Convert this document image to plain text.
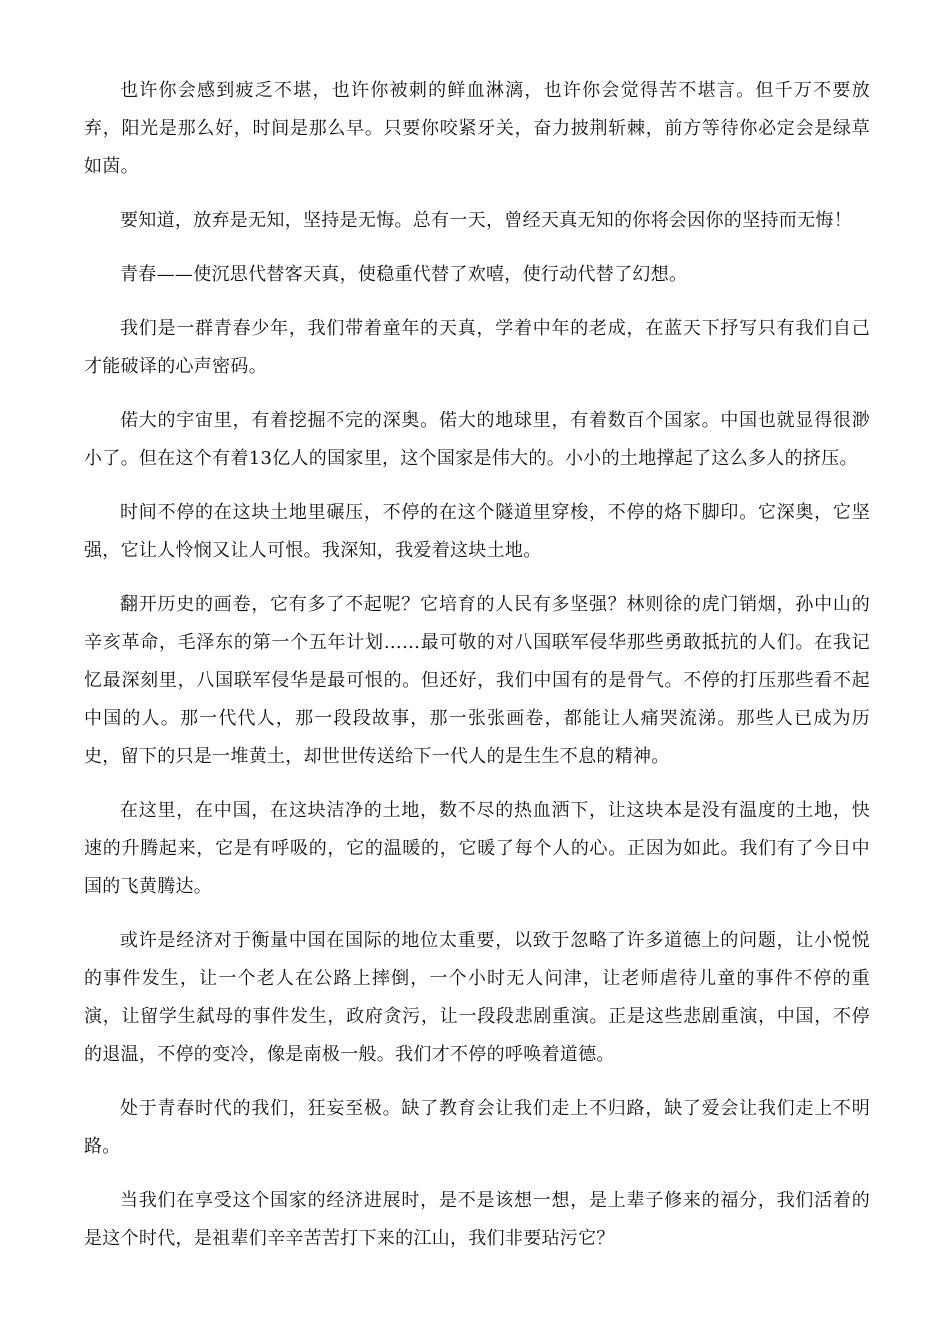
也许你会感到疲乏不堪，也许你被刺的鲜血淋漓，也许你会觉得苦不堪言。但千万不要放弃，阳光是那么好，时间是那么早。只要你咬紧牙关，奋力披荆斩棘，前方等待你必定会是绿草如茵。

要知道，放弃是无知，坚持是无悔。总有一天，曾经天真无知的你将会因你的坚持而无悔！

青春——使沉思代替客天真，使稳重代替了欢嘻，使行动代替了幻想。

我们是一群青春少年，我们带着童年的天真，学着中年的老成，在蓝天下抒写只有我们自己才能破译的心声密码。

偌大的宇宙里，有着挖掘不完的深奥。偌大的地球里，有着数百个国家。中国也就显得很渺小了。但在这个有着13亿人的国家里，这个国家是伟大的。小小的土地撑起了这么多人的挤压。

时间不停的在这块土地里碾压，不停的在这个隧道里穿梭，不停的烙下脚印。它深奥，它坚强，它让人怜悯又让人可恨。我深知，我爱着这块土地。

翻开历史的画卷，它有多了不起呢？它培育的人民有多坚强？林则徐的虎门销烟，孙中山的辛亥革命，毛泽东的第一个五年计划……最可敬的对八国联军侵华那些勇敢抵抗的人们。在我记忆最深刻里，八国联军侵华是最可恨的。但还好，我们中国有的是骨气。不停的打压那些看不起中国的人。那一代代人，那一段段故事，那一张张画卷，都能让人痛哭流涕。那些人已成为历史，留下的只是一堆黄土，却世世传送给下一代人的是生生不息的精神。

在这里，在中国，在这块洁净的土地，数不尽的热血洒下，让这块本是没有温度的土地，快速的升腾起来，它是有呼吸的，它的温暖的，它暖了每个人的心。正因为如此。我们有了今日中国的飞黄腾达。

或许是经济对于衡量中国在国际的地位太重要，以致于忽略了许多道德上的问题，让小悦悦的事件发生，让一个老人在公路上摔倒，一个小时无人问津，让老师虐待儿童的事件不停的重演，让留学生弑母的事件发生，政府贪污，让一段段悲剧重演。正是这些悲剧重演，中国，不停的退温，不停的变冷，像是南极一般。我们才不停的呼唤着道德。

处于青春时代的我们，狂妄至极。缺了教育会让我们走上不归路，缺了爱会让我们走上不明路。

当我们在享受这个国家的经济进展时，是不是该想一想，是上辈子修来的福分，我们活着的是这个时代，是祖辈们辛辛苦苦打下来的江山，我们非要玷污它？
